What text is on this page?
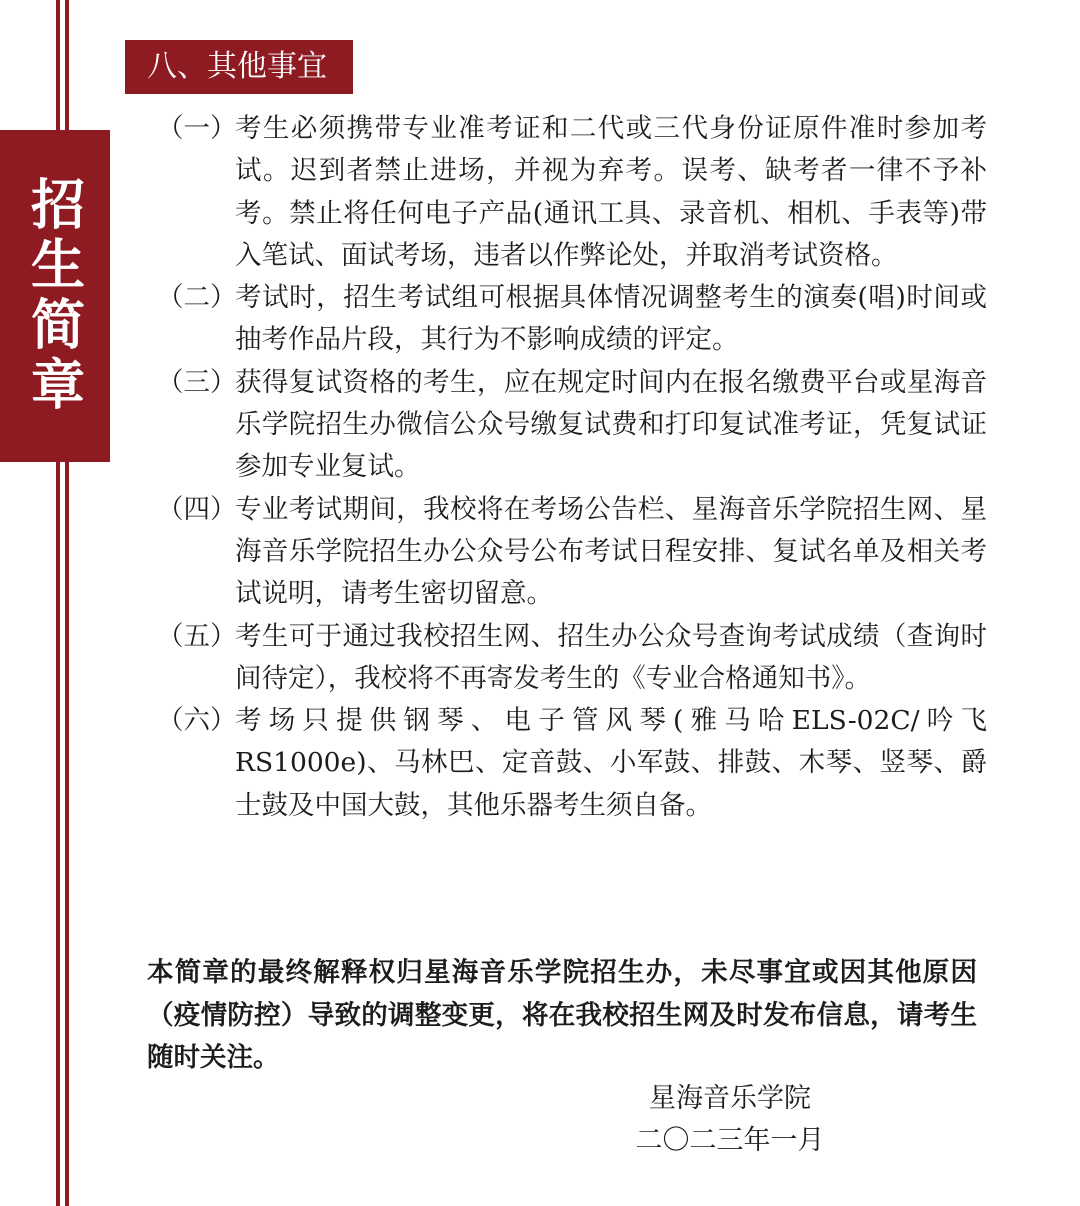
招生简章
八、其他事宜
（一）
考生必须携带专业准考证和二代或三代身份证原件准时参加考试。迟到者禁止进场，并视为弃考。误考、缺考者一律不予补考。禁止将任何电子产品(通讯工具、录音机、相机、手表等)带入笔试、面试考场，违者以作弊论处，并取消考试资格。
（二）
考试时，招生考试组可根据具体情况调整考生的演奏(唱)时间或抽考作品片段，其行为不影响成绩的评定。
（三）
获得复试资格的考生，应在规定时间内在报名缴费平台或星海音乐学院招生办微信公众号缴复试费和打印复试准考证，凭复试证参加专业复试。
（四）
专业考试期间，我校将在考场公告栏、星海音乐学院招生网、星海音乐学院招生办公众号公布考试日程安排、复试名单及相关考试说明，请考生密切留意。
（五）
考生可于通过我校招生网、招生办公众号查询考试成绩（查询时间待定），我校将不再寄发考生的《专业合格通知书》。
（六）
考场只提供钢琴、电子管风琴(雅马哈ELS-02C/吟飞RS1000e)、马林巴、定音鼓、小军鼓、排鼓、木琴、竖琴、爵士鼓及中国大鼓，其他乐器考生须自备。
本简章的最终解释权归星海音乐学院招生办，未尽事宜或因其他原因（疫情防控）导致的调整变更，将在我校招生网及时发布信息，请考生随时关注。
星海音乐学院
二〇二三年一月
